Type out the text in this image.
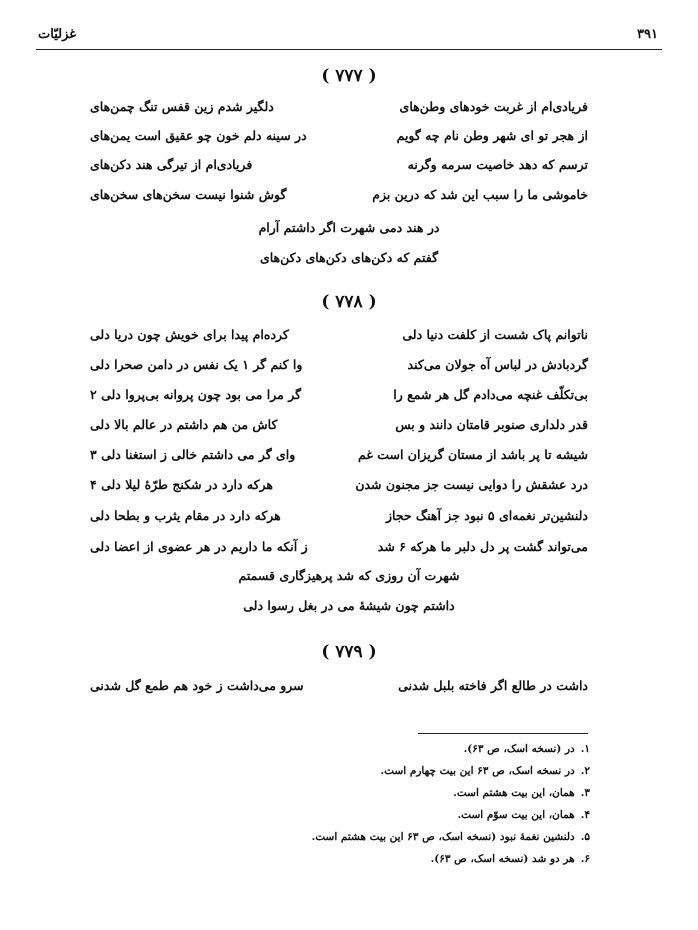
۳۹۱
غزلیّات
( ۷۷۷ )
فریادی‌ام از غربت خودهای وطن‌های
دلگیر شدم زین قفس تنگ چمن‌های
از هجر تو ای شهر وطن نام چه گویم
در سینه دلم خون چو عقیق است یمن‌های
ترسم که دهد خاصیت سرمه وگرنه
فریادی‌ام از تیرگی هند دکن‌های
خاموشی ما را سبب این شد که درین بزم
گوش شنوا نیست سخن‌های سخن‌های
در هند دمی شهرت اگر داشتم آرام
گفتم که دکن‌های دکن‌های دکن‌های
( ۷۷۸ )
ناتوانم پاک شست از کلفت دنیا دلی
کرده‌ام پیدا برای خویش چون دریا دلی
گردبادش در لباس آه جولان می‌کند
وا کنم گر ۱ یک نفس در دامن صحرا دلی
بی‌تکلّف غنچه می‌دادم گل هر شمع را
گر مرا می بود چون پروانه بی‌پروا دلی ۲
قدر دلداری صنوبر قامتان دانند و بس
کاش من هم داشتم در عالم بالا دلی
شیشه تا پر باشد از مستان گریزان است غم
وای گر می داشتم خالی ز استغنا دلی ۳
درد عشقش را دوایی نیست جز مجنون شدن
هرکه دارد در شکنج طرّهٔ لیلا دلی ۴
دلنشین‌تر نغمه‌ای ۵ نبود جز آهنگ حجاز
هرکه دارد در مقام یثرب و بطحا دلی
می‌تواند گشت پر دل دلبر ما هرکه ۶ شد
ز آنکه ما داریم در هر عضوی از اعضا دلی
شهرت آن روزی که شد پرهیزگاری قسمتم
داشتم چون شیشهٔ می در بغل رسوا دلی
( ۷۷۹ )
داشت در طالع اگر فاخته بلبل شدنی
سرو می‌داشت ز خود هم طمع گل شدنی
۱.در (نسخه اسک، ص ۶۳).
۲.در نسخه اسک، ص ۶۳ این بیت چهارم است.
۳.همان، این بیت هشتم است.
۴.همان، این بیت سوّم است.
۵.دلنشین نغمهٔ نبود (نسخه اسک، ص ۶۳ این بیت هشتم است.
۶.هر دو شد (نسخه اسک، ص ۶۳).
